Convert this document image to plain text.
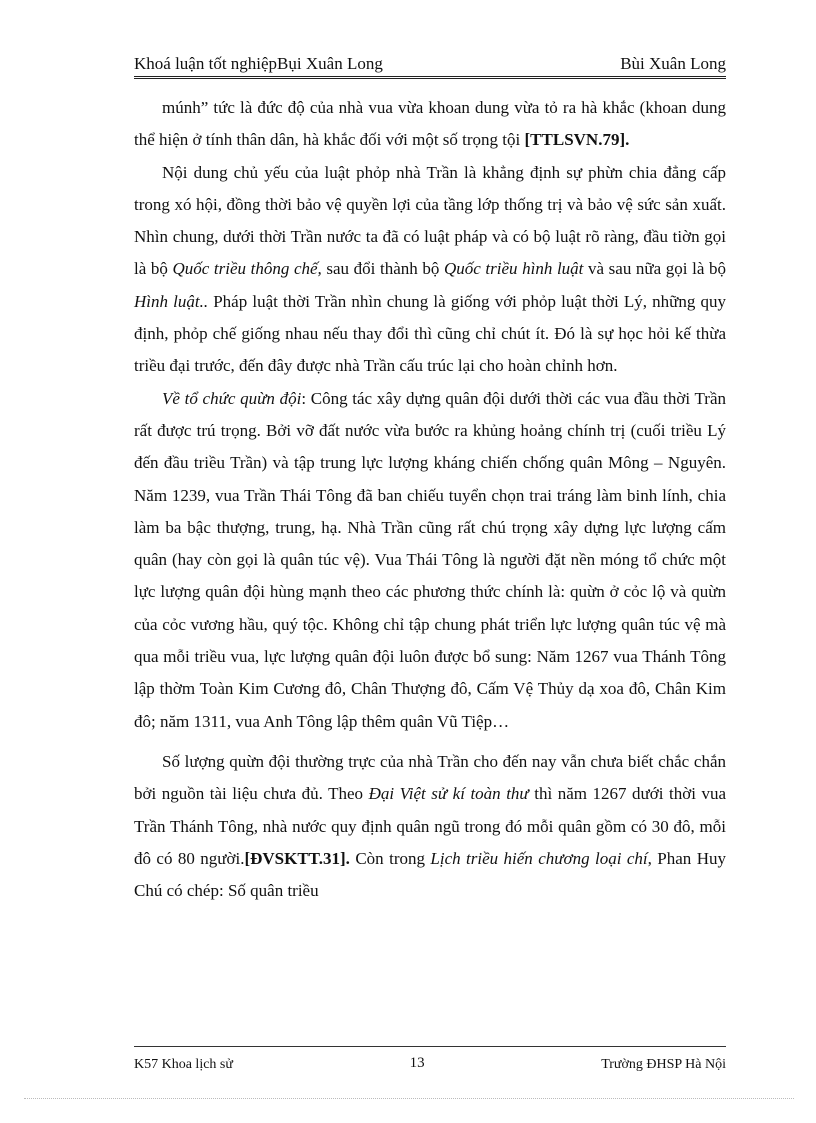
Khoá luận tốt nghiệpBụi Xuân Long	Bùi Xuân Long

múnh” tức là đức độ của nhà vua vừa khoan dung vừa tỏ ra hà khắc (khoan dung thể hiện ở tính thân dân, hà khắc đối với một số trọng tội [TTLSVN.79].

Nội dung chủ yếu của luật phỏp nhà Trần là khẳng định sự phừn chia đẳng cấp trong xó hội, đồng thời bảo vệ quyền lợi của tầng lớp thống trị và bảo vệ sức sản xuất. Nhìn chung, dưới thời Trần nước ta đã có luật pháp và có bộ luật rõ ràng, đầu tiờn gọi là bộ Quốc triều thông chế, sau đổi thành bộ Quốc triều hình luật và sau nữa gọi là bộ Hình luật.. Pháp luật thời Trần nhìn chung là giống với phỏp luật thời Lý, những quy định, phỏp chế giống nhau nếu thay đổi thì cũng chỉ chút ít. Đó là sự học hỏi kế thừa triều đại trước, đến đây được nhà Trần cấu trúc lại cho hoàn chỉnh hơn.

Về tổ chức quừn đội: Công tác xây dựng quân đội dưới thời các vua đầu thời Trần rất được trú trọng. Bởi vỡ đất nước vừa bước ra khủng hoảng chính trị (cuối triều Lý đến đầu triều Trần) và tập trung lực lượng kháng chiến chống quân Mông – Nguyên. Năm 1239, vua Trần Thái Tông đã ban chiếu tuyển chọn trai tráng làm binh lính, chia làm ba bậc thượng, trung, hạ. Nhà Trần cũng rất chú trọng xây dựng lực lượng cấm quân (hay còn gọi là quân túc vệ). Vua Thái Tông là người đặt nền móng tổ chức một lực lượng quân đội hùng mạnh theo các phương thức chính là: quừn ở cỏc lộ và quừn của cỏc vương hầu, quý tộc. Không chỉ tập chung phát triển lực lượng quân túc vệ mà qua mỗi triều vua, lực lượng quân đội luôn được bổ sung: Năm 1267 vua Thánh Tông lập thờm Toàn Kim Cương đô, Chân Thượng đô, Cấm Vệ Thủy dạ xoa đô, Chân Kim đô; năm 1311, vua Anh Tông lập thêm quân Vũ Tiệp…

Số lượng quừn đội thường trực của nhà Trần cho đến nay vẫn chưa biết chắc chắn bởi nguồn tài liệu chưa đủ. Theo Đại Việt sử kí toàn thư thì năm 1267 dưới thời vua Trần Thánh Tông, nhà nước quy định quân ngũ trong đó mỗi quân gồm có 30 đô, mỗi đô có 80 người.[ĐVSKTT.31]. Còn trong Lịch triều hiến chương loại chí, Phan Huy Chú có chép: Số quân triều

K57 Khoa lịch sử	13	Trường ĐHSP Hà Nội
